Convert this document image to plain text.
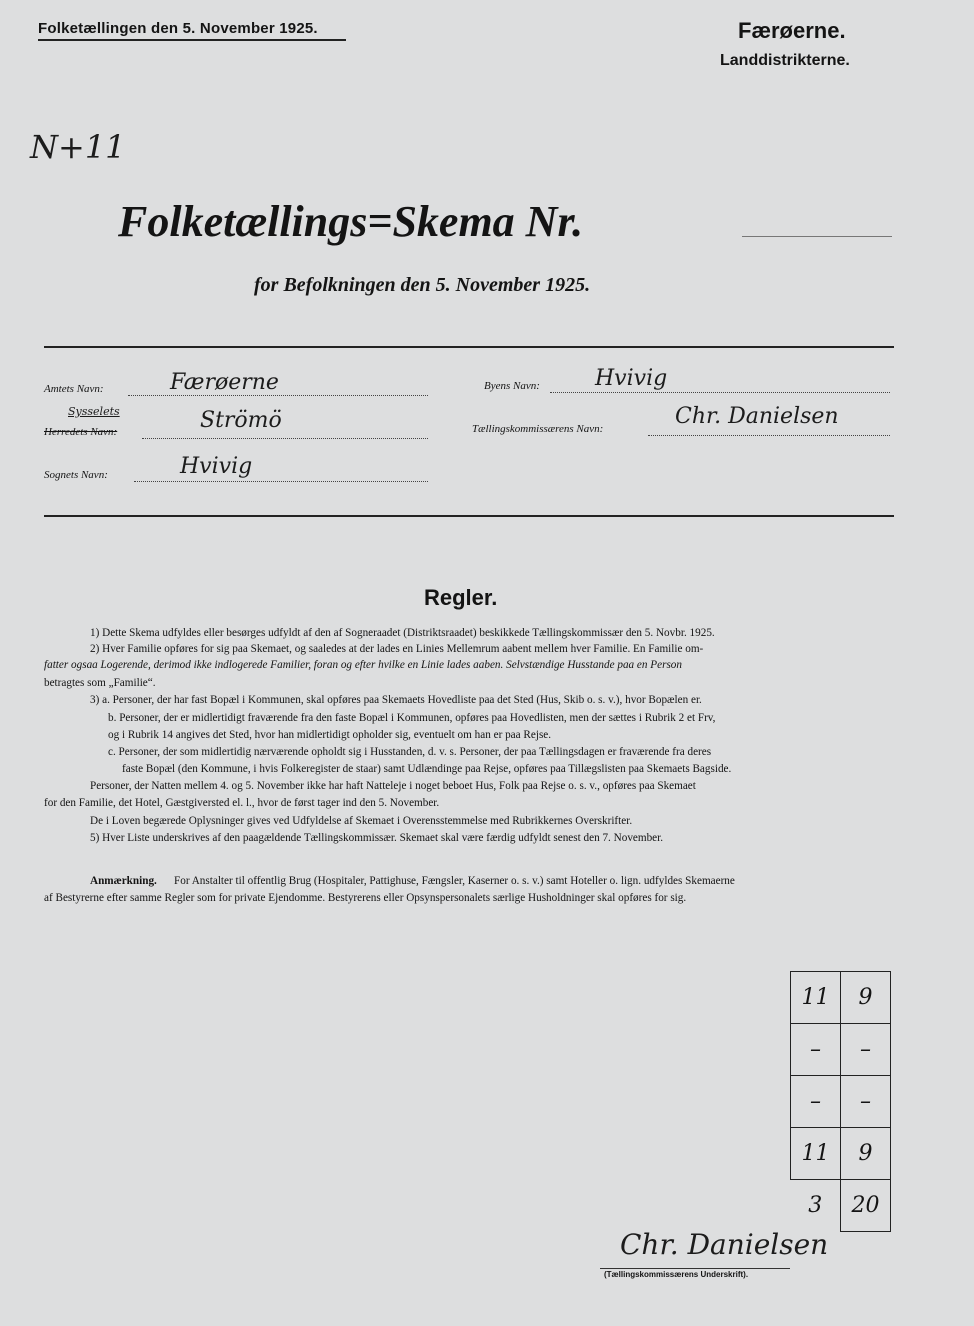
Folketællingen den 5. November 1925.	Færøerne.
Landdistrikterne.
N+11
Folketællings=Skema Nr.
for Befolkningen den 5. November 1925.
Amtets Navn:	Færøerne	Byens Navn:	Hvivig
Sysselets
Herredets Navn:	Strömö	Tællingskommissærens Navn:	Chr. Danielsen
Sognets Navn:	Hvivig
Regler.
1) Dette Skema udfyldes eller besørges udfyldt af den af Sogneraadet (Distriktsraadet) beskikkede Tællingskommissær den 5. Novbr. 1925.
2) Hver Familie opføres for sig paa Skemaet, og saaledes at der lades en Linies Mellemrum aabent mellem hver Familie. En Familie om-
fatter ogsaa Logerende, derimod ikke indlogerede Familier, foran og efter hvilke en Linie lades aaben. Selvstændige Husstande paa en Person
betragtes som „Familie“.
3) a. Personer, der har fast Bopæl i Kommunen, skal opføres paa Skemaets Hovedliste paa det Sted (Hus, Skib o. s. v.), hvor Bopælen er.
b. Personer, der er midlertidigt fraværende fra den faste Bopæl i Kommunen, opføres paa Hovedlisten, men der sættes i Rubrik 2 et Frv,
og i Rubrik 14 angives det Sted, hvor han midlertidigt opholder sig, eventuelt om han er paa Rejse.
c. Personer, der som midlertidig nærværende opholdt sig i Husstanden, d. v. s. Personer, der paa Tællingsdagen er fraværende fra deres
faste Bopæl (den Kommune, i hvis Folkeregister de staar) samt Udlændinge paa Rejse, opføres paa Tillægslisten paa Skemaets Bagside.
Personer, der Natten mellem 4. og 5. November ikke har haft Natteleje i noget beboet Hus, Folk paa Rejse o. s. v., opføres paa Skemaet
for den Familie, det Hotel, Gæstgiversted el. l., hvor de først tager ind den 5. November.
De i Loven begærede Oplysninger gives ved Udfyldelse af Skemaet i Overensstemmelse med Rubrikkernes Overskrifter.
5) Hver Liste underskrives af den paagældende Tællingskommissær. Skemaet skal være færdig udfyldt senest den 7. November.
Anmærkning. For Anstalter til offentlig Brug (Hospitaler, Pattighuse, Fængsler, Kaserner o. s. v.) samt Hoteller o. lign. udfyldes Skemaerne
af Bestyrerne efter samme Regler som for private Ejendomme. Bestyrerens eller Opsynspersonalets særlige Husholdninger skal opføres for sig.
11	9
–	–
–	–
11	9
3	20
Chr. Danielsen
(Tællingskommissærens Underskrift).
